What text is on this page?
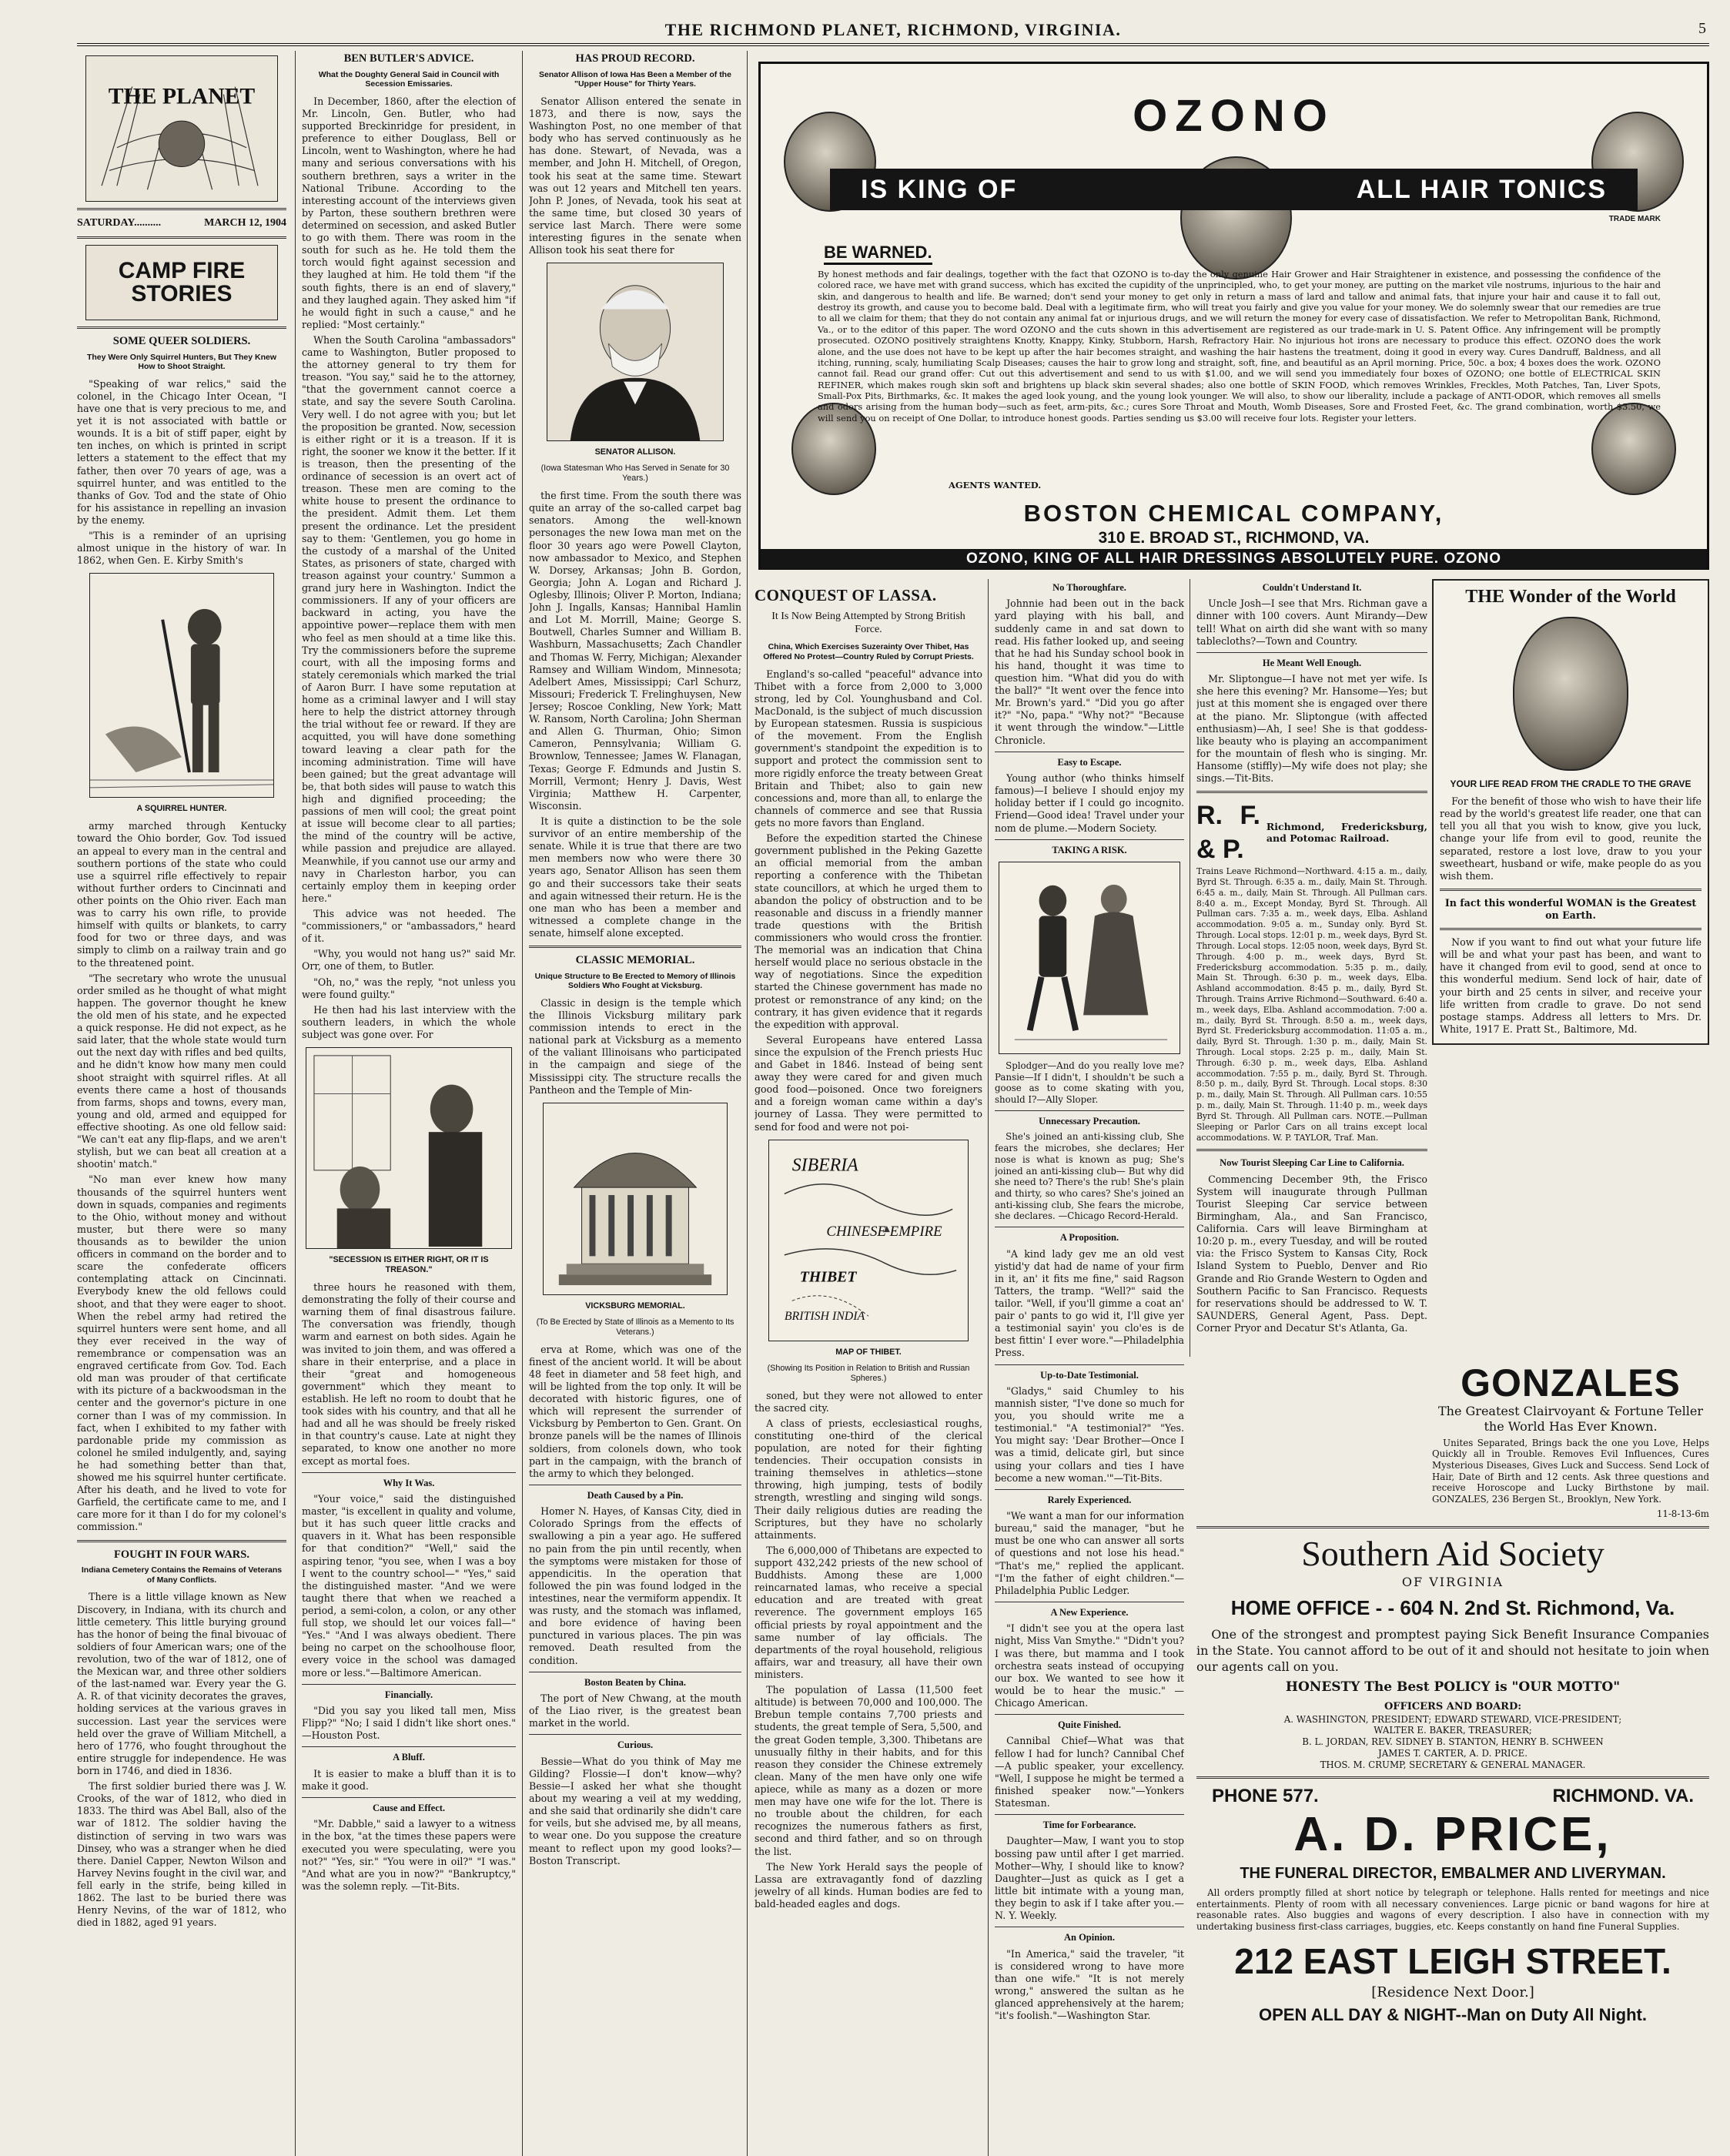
THE RICHMOND PLANET, RICHMOND, VIRGINIA.	5
THE PLANET
SATURDAY..........	MARCH 12, 1904
CAMP FIRE STORIES
SOME QUEER SOLDIERS.
They Were Only Squirrel Hunters, But They Knew How to Shoot Straight.

"Speaking of war relics," said the colonel, in the Chicago Inter Ocean, "I have one that is very precious to me, and yet it is not associated with battle or wounds. It is a bit of stiff paper, eight by ten inches, on which is printed in script letters a statement to the effect that my father, then over 70 years of age, was a squirrel hunter, and was entitled to the thanks of Gov. Tod and the state of Ohio for his assistance in repelling an invasion by the enemy.

"This is a reminder of an uprising almost unique in the history of war. In 1862, when Gen. E. Kirby Smith's

A SQUIRREL HUNTER.

army marched through Kentucky toward the Ohio border, Gov. Tod issued an appeal to every man in the central and southern portions of the state who could use a squirrel rifle effectively to repair without further orders to Cincinnati and other points on the Ohio river. Each man was to carry his own rifle, to provide himself with quilts or blankets, to carry food for two or three days, and was simply to climb on a railway train and go to the threatened point.

"The secretary who wrote the unusual order smiled as he thought of what might happen. The governor thought he knew the old men of his state, and he expected a quick response. He did not expect, as he said later, that the whole state would turn out the next day with rifles and bed quilts, and he didn't know how many men could shoot straight with squirrel rifles. At all events there came a host of thousands from farms, shops and towns, every man, young and old, armed and equipped for effective shooting. As one old fellow said: "We can't eat any flip-flaps, and we aren't stylish, but we can beat all creation at a shootin' match."

"No man ever knew how many thousands of the squirrel hunters went down in squads, companies and regiments to the Ohio, without money and without muster, but there were so many thousands as to bewilder the union officers in command on the border and to scare the confederate officers contemplating attack on Cincinnati. Everybody knew the old fellows could shoot, and that they were eager to shoot. When the rebel army had retired the squirrel hunters were sent home, and all they ever received in the way of remembrance or compensation was an engraved certificate from Gov. Tod. Each old man was prouder of that certificate with its picture of a backwoodsman in the center and the governor's picture in one corner than I was of my commission. In fact, when I exhibited to my father with pardonable pride my commission as colonel he smiled indulgently, and, saying he had something better than that, showed me his squirrel hunter certificate. After his death, and he lived to vote for Garfield, the certificate came to me, and I care more for it than I do for my colonel's commission."

FOUGHT IN FOUR WARS.
Indiana Cemetery Contains the Remains of Veterans of Many Conflicts.

There is a little village known as New Discovery, in Indiana, with its church and little cemetery. This little burying ground has the honor of being the final bivouac of soldiers of four American wars; one of the revolution, two of the war of 1812, one of the Mexican war, and three other soldiers of the last-named war. Every year the G. A. R. of that vicinity decorates the graves, holding services at the various graves in succession. Last year the services were held over the grave of William Mitchell, a hero of 1776, who fought throughout the entire struggle for independence. He was born in 1746, and died in 1836.

The first soldier buried there was J. W. Crooks, of the war of 1812, who died in 1833. The third was Abel Ball, also of the war of 1812. The soldier having the distinction of serving in two wars was Dinsey, who was a stranger when he died there. Daniel Capper, Newton Wilson and Harvey Nevins fought in the civil war, and fell early in the strife, being killed in 1862. The last to be buried there was Henry Nevins, of the war of 1812, who died in 1882, aged 91 years.

BEN BUTLER'S ADVICE.
What the Doughty General Said in Council with Secession Emissaries.

In December, 1860, after the election of Mr. Lincoln, Gen. Butler, who had supported Breckinridge for president, in preference to either Douglass, Bell or Lincoln, went to Washington, where he had many and serious conversations with his southern brethren, says a writer in the National Tribune. According to the interesting account of the interviews given by Parton, these southern brethren were determined on secession, and asked Butler to go with them. There was room in the south for such as he. He told them the torch would fight against secession and they laughed at him. He told them "if the south fights, there is an end of slavery," and they laughed again. They asked him "if he would fight in such a cause," and he replied: "Most certainly."

When the South Carolina "ambassadors" came to Washington, Butler proposed to the attorney general to try them for treason. "You say," said he to the attorney, "that the government cannot coerce a state, and say the severe South Carolina. Very well. I do not agree with you; but let the proposition be granted. Now, secession is either right or it is a treason. If it is right, the sooner we know it the better. If it is treason, then the presenting of the ordinance of secession is an overt act of treason. These men are coming to the white house to present the ordinance to the president. Admit them. Let them present the ordinance. Let the president say to them: 'Gentlemen, you go home in the custody of a marshal of the United States, as prisoners of state, charged with treason against your country.' Summon a grand jury here in Washington. Indict the commissioners. If any of your officers are backward in acting, you have the appointive power—replace them with men who feel as men should at a time like this. Try the commissioners before the supreme court, with all the imposing forms and stately ceremonials which marked the trial of Aaron Burr. I have some reputation at home as a criminal lawyer and I will stay here to help the district attorney through the trial without fee or reward. If they are acquitted, you will have done something toward leaving a clear path for the incoming administration. Time will have been gained; but the great advantage will be, that both sides will pause to watch this high and dignified proceeding; the passions of men will cool; the great point at issue will become clear to all parties; the mind of the country will be active, while passion and prejudice are allayed. Meanwhile, if you cannot use our army and navy in Charleston harbor, you can certainly employ them in keeping order here."

This advice was not heeded. The "commissioners," or "ambassadors," heard of it.

"Why, you would not hang us?" said Mr. Orr, one of them, to Butler.

"Oh, no," was the reply, "not unless you were found guilty."

He then had his last interview with the southern leaders, in which the whole subject was gone over. For

"SECESSION IS EITHER RIGHT, OR IT IS TREASON."

three hours he reasoned with them, demonstrating the folly of their course and warning them of final disastrous failure. The conversation was friendly, though warm and earnest on both sides. Again he was invited to join them, and was offered a share in their enterprise, and a place in their "great and homogeneous government" which they meant to establish. He left no room to doubt that he took sides with his country, and that all he had and all he was should be freely risked in that country's cause. Late at night they separated, to know one another no more except as mortal foes.

Why It Was.

"Your voice," said the distinguished master, "is excellent in quality and volume, but it has such queer little cracks and quavers in it. What has been responsible for that condition?" "Well," said the aspiring tenor, "you see, when I was a boy I went to the country school—" "Yes," said the distinguished master. "And we were taught there that when we reached a period, a semi-colon, a colon, or any other full stop, we should let our voices fall—" "Yes." "And I was always obedient. There being no carpet on the schoolhouse floor, every voice in the school was damaged more or less."—Baltimore American.

Financially.

"Did you say you liked tall men, Miss Flipp?" "No; I said I didn't like short ones." —Houston Post.

A Bluff.

It is easier to make a bluff than it is to make it good.

Cause and Effect.

"Mr. Dabble," said a lawyer to a witness in the box, "at the times these papers were executed you were speculating, were you not?" "Yes, sir." "You were in oil?" "I was." "And what are you in now?" "Bankruptcy," was the solemn reply. —Tit-Bits.

HAS PROUD RECORD.
Senator Allison of Iowa Has Been a Member of the "Upper House" for Thirty Years.

Senator Allison entered the senate in 1873, and there is now, says the Washington Post, no one member of that body who has served continuously as he has done. Stewart, of Nevada, was a member, and John H. Mitchell, of Oregon, took his seat at the same time. Stewart was out 12 years and Mitchell ten years. John P. Jones, of Nevada, took his seat at the same time, but closed 30 years of service last March. There were some interesting figures in the senate when Allison took his seat there for

SENATOR ALLISON.
(Iowa Statesman Who Has Served in Senate for 30 Years.)

the first time. From the south there was quite an array of the so-called carpet bag senators. Among the well-known personages the new Iowa man met on the floor 30 years ago were Powell Clayton, now ambassador to Mexico, and Stephen W. Dorsey, Arkansas; John B. Gordon, Georgia; John A. Logan and Richard J. Oglesby, Illinois; Oliver P. Morton, Indiana; John J. Ingalls, Kansas; Hannibal Hamlin and Lot M. Morrill, Maine; George S. Boutwell, Charles Sumner and William B. Washburn, Massachusetts; Zach Chandler and Thomas W. Ferry, Michigan; Alexander Ramsey and William Windom, Minnesota; Adelbert Ames, Mississippi; Carl Schurz, Missouri; Frederick T. Frelinghuysen, New Jersey; Roscoe Conkling, New York; Matt W. Ransom, North Carolina; John Sherman and Allen G. Thurman, Ohio; Simon Cameron, Pennsylvania; William G. Brownlow, Tennessee; James W. Flanagan, Texas; George F. Edmunds and Justin S. Morrill, Vermont; Henry J. Davis, West Virginia; Matthew H. Carpenter, Wisconsin.

It is quite a distinction to be the sole survivor of an entire membership of the senate. While it is true that there are two men members now who were there 30 years ago, Senator Allison has seen them go and their successors take their seats and again witnessed their return. He is the one man who has been a member and witnessed a complete change in the senate, himself alone excepted.

CLASSIC MEMORIAL.
Unique Structure to Be Erected to Memory of Illinois Soldiers Who Fought at Vicksburg.

Classic in design is the temple which the Illinois Vicksburg military park commission intends to erect in the national park at Vicksburg as a memento of the valiant Illinoisans who participated in the campaign and siege of the Mississippi city. The structure recalls the Pantheon and the Temple of Min-

VICKSBURG MEMORIAL.
(To Be Erected by State of Illinois as a Memento to Its Veterans.)

erva at Rome, which was one of the finest of the ancient world. It will be about 48 feet in diameter and 58 feet high, and will be lighted from the top only. It will be decorated with historic figures, one of which will represent the surrender of Vicksburg by Pemberton to Gen. Grant. On bronze panels will be the names of Illinois soldiers, from colonels down, who took part in the campaign, with the branch of the army to which they belonged.

Death Caused by a Pin.

Homer N. Hayes, of Kansas City, died in Colorado Springs from the effects of swallowing a pin a year ago. He suffered no pain from the pin until recently, when the symptoms were mistaken for those of appendicitis. In the operation that followed the pin was found lodged in the intestines, near the vermiform appendix. It was rusty, and the stomach was inflamed, and bore evidence of having been punctured in various places. The pin was removed. Death resulted from the condition.

Boston Beaten by China.

The port of New Chwang, at the mouth of the Liao river, is the greatest bean market in the world.

Curious.

Bessie—What do you think of May me Gilding? Flossie—I don't know—why? Bessie—I asked her what she thought about my wearing a veil at my wedding, and she said that ordinarily she didn't care for veils, but she advised me, by all means, to wear one. Do you suppose the creature meant to reflect upon my good looks?—Boston Transcript.

OZONO
IS KING OF	ALL HAIR TONICS
TRADE MARK
BE WARNED.
By honest methods and fair dealings, together with the fact that OZONO is to-day the only genuine Hair Grower and Hair Straightener in existence, and possessing the confidence of the colored race, we have met with grand success, which has excited the cupidity of the unprincipled, who, to get your money, are putting on the market vile nostrums, injurious to the hair and skin, and dangerous to health and life. Be warned; don't send your money to get only in return a mass of lard and tallow and animal fats, that injure your hair and cause it to fall out, destroy its growth, and cause you to become bald. Deal with a legitimate firm, who will treat you fairly and give you value for your money. We do solemnly swear that our remedies are true to all we claim for them; that they do not contain any animal fat or injurious drugs, and we will return the money for every case of dissatisfaction. We refer to Metropolitan Bank, Richmond, Va., or to the editor of this paper. The word OZONO and the cuts shown in this advertisement are registered as our trade-mark in U. S. Patent Office. Any infringement will be promptly prosecuted. OZONO positively straightens Knotty, Knappy, Kinky, Stubborn, Harsh, Refractory Hair. No injurious hot irons are necessary to produce this effect. OZONO does the work alone, and the use does not have to be kept up after the hair becomes straight, and washing the hair hastens the treatment, doing it good in every way. Cures Dandruff, Baldness, and all itching, running, scaly, humiliating Scalp Diseases; causes the hair to grow long and straight, soft, fine, and beautiful as an April morning. Price, 50c. a box; 4 boxes does the work. OZONO cannot fail. Read our grand offer: Cut out this advertisement and send to us with $1.00, and we will send you immediately four boxes of OZONO; one bottle of ELECTRICAL SKIN REFINER, which makes rough skin soft and brightens up black skin several shades; also one bottle of SKIN FOOD, which removes Wrinkles, Freckles, Moth Patches, Tan, Liver Spots, Small-Pox Pits, Birthmarks, &c. It makes the aged look young, and the young look younger. We will also, to show our liberality, include a package of ANTI-ODOR, which removes all smells and odors arising from the human body—such as feet, arm-pits, &c.; cures Sore Throat and Mouth, Womb Diseases, Sore and Frosted Feet, &c. The grand combination, worth $3.50, we will send you on receipt of One Dollar, to introduce honest goods. Parties sending us $3.00 will receive four lots. Register your letters.
AGENTS WANTED.
BOSTON CHEMICAL COMPANY,
310 E. BROAD ST., RICHMOND, VA.
OZONO, KING OF ALL HAIR DRESSINGS ABSOLUTELY PURE. OZONO
CONQUEST OF LASSA.
It Is Now Being Attempted by Strong British Force.
China, Which Exercises Suzerainty Over Thibet, Has Offered No Protest—Country Ruled by Corrupt Priests.

England's so-called "peaceful" advance into Thibet with a force from 2,000 to 3,000 strong, led by Col. Younghusband and Col. MacDonald, is the subject of much discussion by European statesmen. Russia is suspicious of the movement. From the English government's standpoint the expedition is to support and protect the commission sent to more rigidly enforce the treaty between Great Britain and Thibet; also to gain new concessions and, more than all, to enlarge the channels of commerce and see that Russia gets no more favors than England.

Before the expedition started the Chinese government published in the Peking Gazette an official memorial from the amban reporting a conference with the Thibetan state councillors, at which he urged them to abandon the policy of obstruction and to be reasonable and discuss in a friendly manner trade questions with the British commissioners who would cross the frontier. The memorial was an indication that China herself would place no serious obstacle in the way of negotiations. Since the expedition started the Chinese government has made no protest or remonstrance of any kind; on the contrary, it has given evidence that it regards the expedition with approval.

Several Europeans have entered Lassa since the expulsion of the French priests Huc and Gabet in 1846. Instead of being sent away they were cared for and given much good food—poisoned. Once two foreigners and a foreign woman came within a day's journey of Lassa. They were permitted to send for food and were not poi-

SIBERIA
CHINESE EMPIRE
THIBET
BRITISH INDIA
MAP OF THIBET.
(Showing Its Position in Relation to British and Russian Spheres.)

soned, but they were not allowed to enter the sacred city.

A class of priests, ecclesiastical roughs, constituting one-third of the clerical population, are noted for their fighting tendencies. Their occupation consists in training themselves in athletics—stone throwing, high jumping, tests of bodily strength, wrestling and singing wild songs. Their daily religious duties are reading the Scriptures, but they have no scholarly attainments.

The 6,000,000 of Thibetans are expected to support 432,242 priests of the new school of Buddhists. Among these are 1,000 reincarnated lamas, who receive a special education and are treated with great reverence. The government employs 165 official priests by royal appointment and the same number of lay officials. The departments of the royal household, religious affairs, war and treasury, all have their own ministers.

The population of Lassa (11,500 feet altitude) is between 70,000 and 100,000. The Brebun temple contains 7,700 priests and students, the great temple of Sera, 5,500, and the great Goden temple, 3,300. Thibetans are unusually filthy in their habits, and for this reason they consider the Chinese extremely clean. Many of the men have only one wife apiece, while as many as a dozen or more men may have one wife for the lot. There is no trouble about the children, for each recognizes the numerous fathers as first, second and third father, and so on through the list.

The New York Herald says the people of Lassa are extravagantly fond of dazzling jewelry of all kinds. Human bodies are fed to bald-headed eagles and dogs.

No Thoroughfare.

Johnnie had been out in the back yard playing with his ball, and suddenly came in and sat down to read. His father looked up, and seeing that he had his Sunday school book in his hand, thought it was time to question him. "What did you do with the ball?" "It went over the fence into Mr. Brown's yard." "Did you go after it?" "No, papa." "Why not?" "Because it went through the window."—Little Chronicle.

Easy to Escape.

Young author (who thinks himself famous)—I believe I should enjoy my holiday better if I could go incognito. Friend—Good idea! Travel under your nom de plume.—Modern Society.

TAKING A RISK.

Splodger—And do you really love me? Pansie—If I didn't, I shouldn't be such a goose as to come skating with you, should I?—Ally Sloper.

Unnecessary Precaution.

She's joined an anti-kissing club, She fears the microbes, she declares; Her nose is what is known as pug; She's joined an anti-kissing club— But why did she need to? There's the rub! She's plain and thirty, so who cares? She's joined an anti-kissing club, She fears the microbe, she declares. —Chicago Record-Herald.

A Proposition.

"A kind lady gev me an old vest yistid'y dat had de name of your firm in it, an' it fits me fine," said Ragson Tatters, the tramp. "Well?" said the tailor. "Well, if you'll gimme a coat an' pair o' pants to go wid it, I'll give yer a testimonial sayin' you clo'es is de best fittin' I ever wore."—Philadelphia Press.

Up-to-Date Testimonial.

"Gladys," said Chumley to his mannish sister, "I've done so much for you, you should write me a testimonial." "A testimonial?" "Yes. You might say: 'Dear Brother—Once I was a timid, delicate girl, but since using your collars and ties I have become a new woman.'"—Tit-Bits.

Rarely Experienced.

"We want a man for our information bureau," said the manager, "but he must be one who can answer all sorts of questions and not lose his head." "That's me," replied the applicant. "I'm the father of eight children."—Philadelphia Public Ledger.

A New Experience.

"I didn't see you at the opera last night, Miss Van Smythe." "Didn't you? I was there, but mamma and I took orchestra seats instead of occupying our box. We wanted to see how it would be to hear the music." —Chicago American.

Quite Finished.

Cannibal Chief—What was that fellow I had for lunch? Cannibal Chef—A public speaker, your excellency. "Well, I suppose he might be termed a finished speaker now."—Yonkers Statesman.

Time for Forbearance.

Daughter—Maw, I want you to stop bossing paw until after I get married. Mother—Why, I should like to know? Daughter—Just as quick as I get a little bit intimate with a young man, they begin to ask if I take after you.—N. Y. Weekly.

An Opinion.

"In America," said the traveler, "it is considered wrong to have more than one wife." "It is not merely wrong," answered the sultan as he glanced apprehensively at the harem; "it's foolish."—Washington Star.

Couldn't Understand It.

Uncle Josh—I see that Mrs. Richman gave a dinner with 100 covers. Aunt Mirandy—Dew tell! What on airth did she want with so many tablecloths?—Town and Country.

He Meant Well Enough.

Mr. Sliptongue—I have not met yer wife. Is she here this evening? Mr. Hansome—Yes; but just at this moment she is engaged over there at the piano. Mr. Sliptongue (with affected enthusiasm)—Ah, I see! She is that goddess-like beauty who is playing an accompaniment for the mountain of flesh who is singing. Mr. Hansome (stiffly)—My wife does not play; she sings.—Tit-Bits.

R. F. & P.
Richmond, Fredericksburg, and Potomac Railroad.

Trains Leave Richmond—Northward. 4:15 a. m., daily, Byrd St. Through. 6:35 a. m., daily, Main St. Through. 6:45 a. m., daily, Main St. Through. All Pullman cars. 8:40 a. m., Except Monday, Byrd St. Through. All Pullman cars. 7:35 a. m., week days, Elba. Ashland accommodation. 9:05 a. m., Sunday only. Byrd St. Through. Local stops. 12:01 p. m., week days, Byrd St. Through. Local stops. 12:05 noon, week days, Byrd St. Through. 4:00 p. m., week days, Byrd St. Fredericksburg accommodation. 5:35 p. m., daily, Main St. Through. 6:30 p. m., week days, Elba. Ashland accommodation. 8:45 p. m., daily, Byrd St. Through. Trains Arrive Richmond—Southward. 6:40 a. m., week days, Elba. Ashland accommodation. 7:00 a. m., daily, Byrd St. Through. 8:50 a. m., week days, Byrd St. Fredericksburg accommodation. 11:05 a. m., daily, Byrd St. Through. 1:30 p. m., daily, Main St. Through. Local stops. 2:25 p. m., daily, Main St. Through. 6:30 p. m., week days, Elba. Ashland accommodation. 7:55 p. m., daily, Byrd St. Through. 8:50 p. m., daily, Byrd St. Through. Local stops. 8:30 p. m., daily, Main St. Through. All Pullman cars. 10:55 p. m., daily, Main St. Through. 11:40 p. m., week days Byrd St. Through. All Pullman cars. NOTE.—Pullman Sleeping or Parlor Cars on all trains except local accommodations. W. P. TAYLOR, Traf. Man.

Now Tourist Sleeping Car Line to California.

Commencing December 9th, the Frisco System will inaugurate through Pullman Tourist Sleeping Car service between Birmingham, Ala., and San Francisco, California. Cars will leave Birmingham at 10:20 p. m., every Tuesday, and will be routed via: the Frisco System to Kansas City, Rock Island System to Pueblo, Denver and Rio Grande and Rio Grande Western to Ogden and Southern Pacific to San Francisco. Requests for reservations should be addressed to W. T. SAUNDERS, General Agent, Pass. Dept. Corner Pryor and Decatur St's Atlanta, Ga.

THE Wonder of the World
YOUR LIFE READ FROM THE CRADLE TO THE GRAVE

For the benefit of those who wish to have their life read by the world's greatest life reader, one that can tell you all that you wish to know, give you luck, change your life from evil to good, reunite the separated, restore a lost love, draw to you your sweetheart, husband or wife, make people do as you wish them.

In fact this wonderful WOMAN is the Greatest on Earth.

Now if you want to find out what your future life will be and what your past has been, and want to have it changed from evil to good, send at once to this wonderful medium. Send lock of hair, date of your birth and 25 cents in silver, and receive your life written from cradle to grave. Do not send postage stamps. Address all letters to Mrs. Dr. White, 1917 E. Pratt St., Baltimore, Md.

GONZALES

The Greatest Clairvoyant & Fortune Teller the World Has Ever Known.

Unites Separated, Brings back the one you Love, Helps Quickly all in Trouble. Removes Evil Influences, Cures Mysterious Diseases, Gives Luck and Success. Send Lock of Hair, Date of Birth and 12 cents. Ask three questions and receive Horoscope and Lucky Birthstone by mail. GONZALES, 236 Bergen St., Brooklyn, New York.

11-8-13-6m

Southern Aid Society
OF VIRGINIA
HOME OFFICE - - 604 N. 2nd St. Richmond, Va.

One of the strongest and promptest paying Sick Benefit Insurance Companies in the State. You cannot afford to be out of it and should not hesitate to join when our agents call on you.

HONESTY The Best POLICY is "OUR MOTTO"
OFFICERS AND BOARD:
A. WASHINGTON, PRESIDENT; EDWARD STEWARD, VICE-PRESIDENT;
WALTER E. BAKER, TREASURER;
B. L. JORDAN, REV. SIDNEY B. STANTON, HENRY B. SCHWEEN
JAMES T. CARTER, A. D. PRICE.
THOS. M. CRUMP, SECRETARY & GENERAL MANAGER.
PHONE 577.	RICHMOND. VA.
A. D. PRICE,
THE FUNERAL DIRECTOR, EMBALMER AND LIVERYMAN.

All orders promptly filled at short notice by telegraph or telephone. Halls rented for meetings and nice entertainments. Plenty of room with all necessary conveniences. Large picnic or band wagons for hire at reasonable rates. Also buggies and wagons of every description. I also have in connection with my undertaking business first-class carriages, buggies, etc. Keeps constantly on hand fine Funeral Supplies.

212 EAST LEIGH STREET.
[Residence Next Door.]
OPEN ALL DAY & NIGHT--Man on Duty All Night.
